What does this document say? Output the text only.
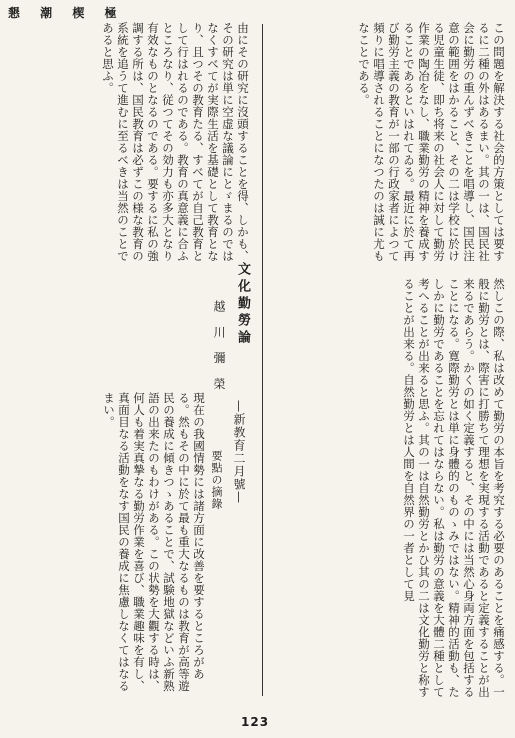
懇 潮 楔 極
この問題を解決する社会的方策としては要するに二種の外はあるまい。其の一は、国民社会に勤労の重んずべきことを唱導し、国民注意の範囲をはかること、その二は学校に於ける児童生徒、即ち将来の社会人に対して勤労作業の陶冶をなし、職業勤労の精神を養成することであるといはれてゐる。最近に於て再び勤労主義の教育が一部の行政家者によつて頻りに唱導されることになつたのは誠に尤もなことである。
然しこの際、私は改めて勤労の本旨を考究する必要のあることを痛感する。一般に勤労とは、際害に打勝ちて理想を実現する活動であると定義することが出来るであらう。かくの如く定義すると、その中には当然心身両方面を包括することになる。寛際勤労とは単に身體的のものゝみではない。精神的活動も、たしかに勤労であることを忘れてはならない。私は勤労の意義を大體二種として考へることが出来ると思ふ。其の一は自然勤労とかひ其の二は文化勤労と称することが出来る。自然勤労とは人間を自然界の一者として見
由にその研究に沒頭することを得、しかも、その研究は単に空虚な議論にとゞまるのではなくすべてが実際生活を基礎として教育となり、且つその教育たる、すべてが自己教育として行はれるのである。教育の真意義に合ふところなり、従つてその効力も亦多大となり有效なものとなるのである。要するに私の強調する所は、国民教育は必ずこの様な教育の系統を追うて進むに至るべきは当然のことであると思ふ。
文化勤勞論
越 川 彌 榮
—新教育二月號—
要點の摘錄
現在の我國情勢には諸方面に改善を要するところがある。然もその中に於て最も重大なるものは教育が高等遊民の養成に傾きつゝあることで、試験地獄などいふ新熟語の出来たのもわけがある。この状勢を大觀する時は、何人も着実真摯なる勤労作業を喜び、職業趣味を有し、真面目なる活動をなす国民の養成に焦慮しなくてはなるまい。
123
